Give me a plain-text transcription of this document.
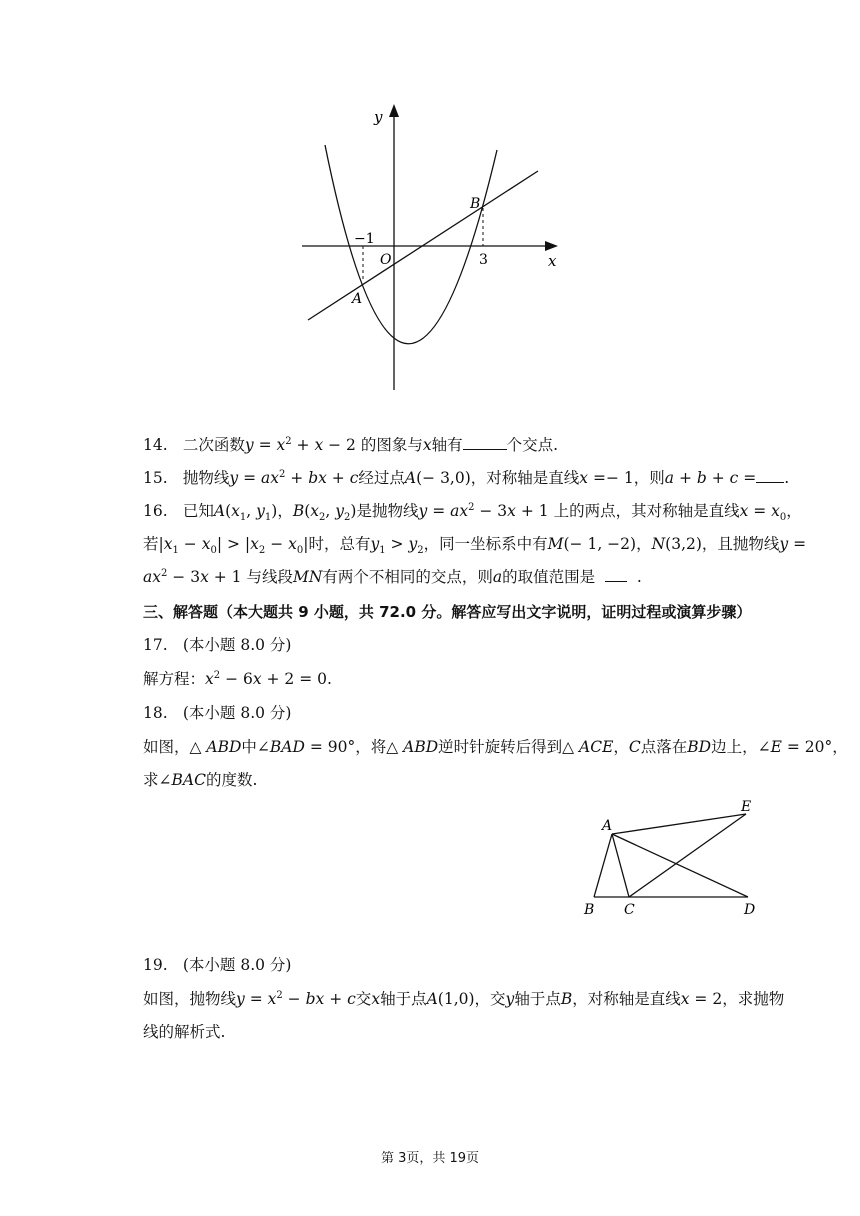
y
x
O
−1
3
A
B
14. 二次函数$y = x^2 + x - 2$ 的图象与x轴有	个交点.
15. 抛物线$y = ax^2$ + bx + c经过点A(− 3,0)，对称轴是直线x =− 1，则a + b + c = .
16. 已知$A(x_1$, $y_1$)，$B(x_2$, $y_2$)是抛物线$y = ax^2 - 3x + 1$ 上的两点，其对称轴是直线$x = x_0$，
若$|x_1 - x_0| > |x_2 - x_0|$时，总有$y_1 > y_2$，同一坐标系中有M(− 1, −2)，N(3,2)，且抛物线y =
$ax^2 - 3x + 1$ 与线段MN有两个不相同的交点，则a的取值范围是	.
三、解答题（本大题共 9 小题，共 72.0 分。解答应写出文字说明，证明过程或演算步骤）
17. (本小题 8.0 分)
解方程：$x^2 - 6x + 2 = 0$.
18. (本小题 8.0 分)
如图，△ ABD中∠BAD = 90°，将△ ABD逆时针旋转后得到△ ACE，C点落在BD边上，∠E = 20°，
求∠BAC的度数.
A
B C	D
E
19. (本小题 8.0 分)
如图，抛物线$y = x^2$ − bx + c交x轴于点A(1,0)，交y轴于点B，对称轴是直线x = 2，求抛物
线的解析式.
第 3页，共 19页
